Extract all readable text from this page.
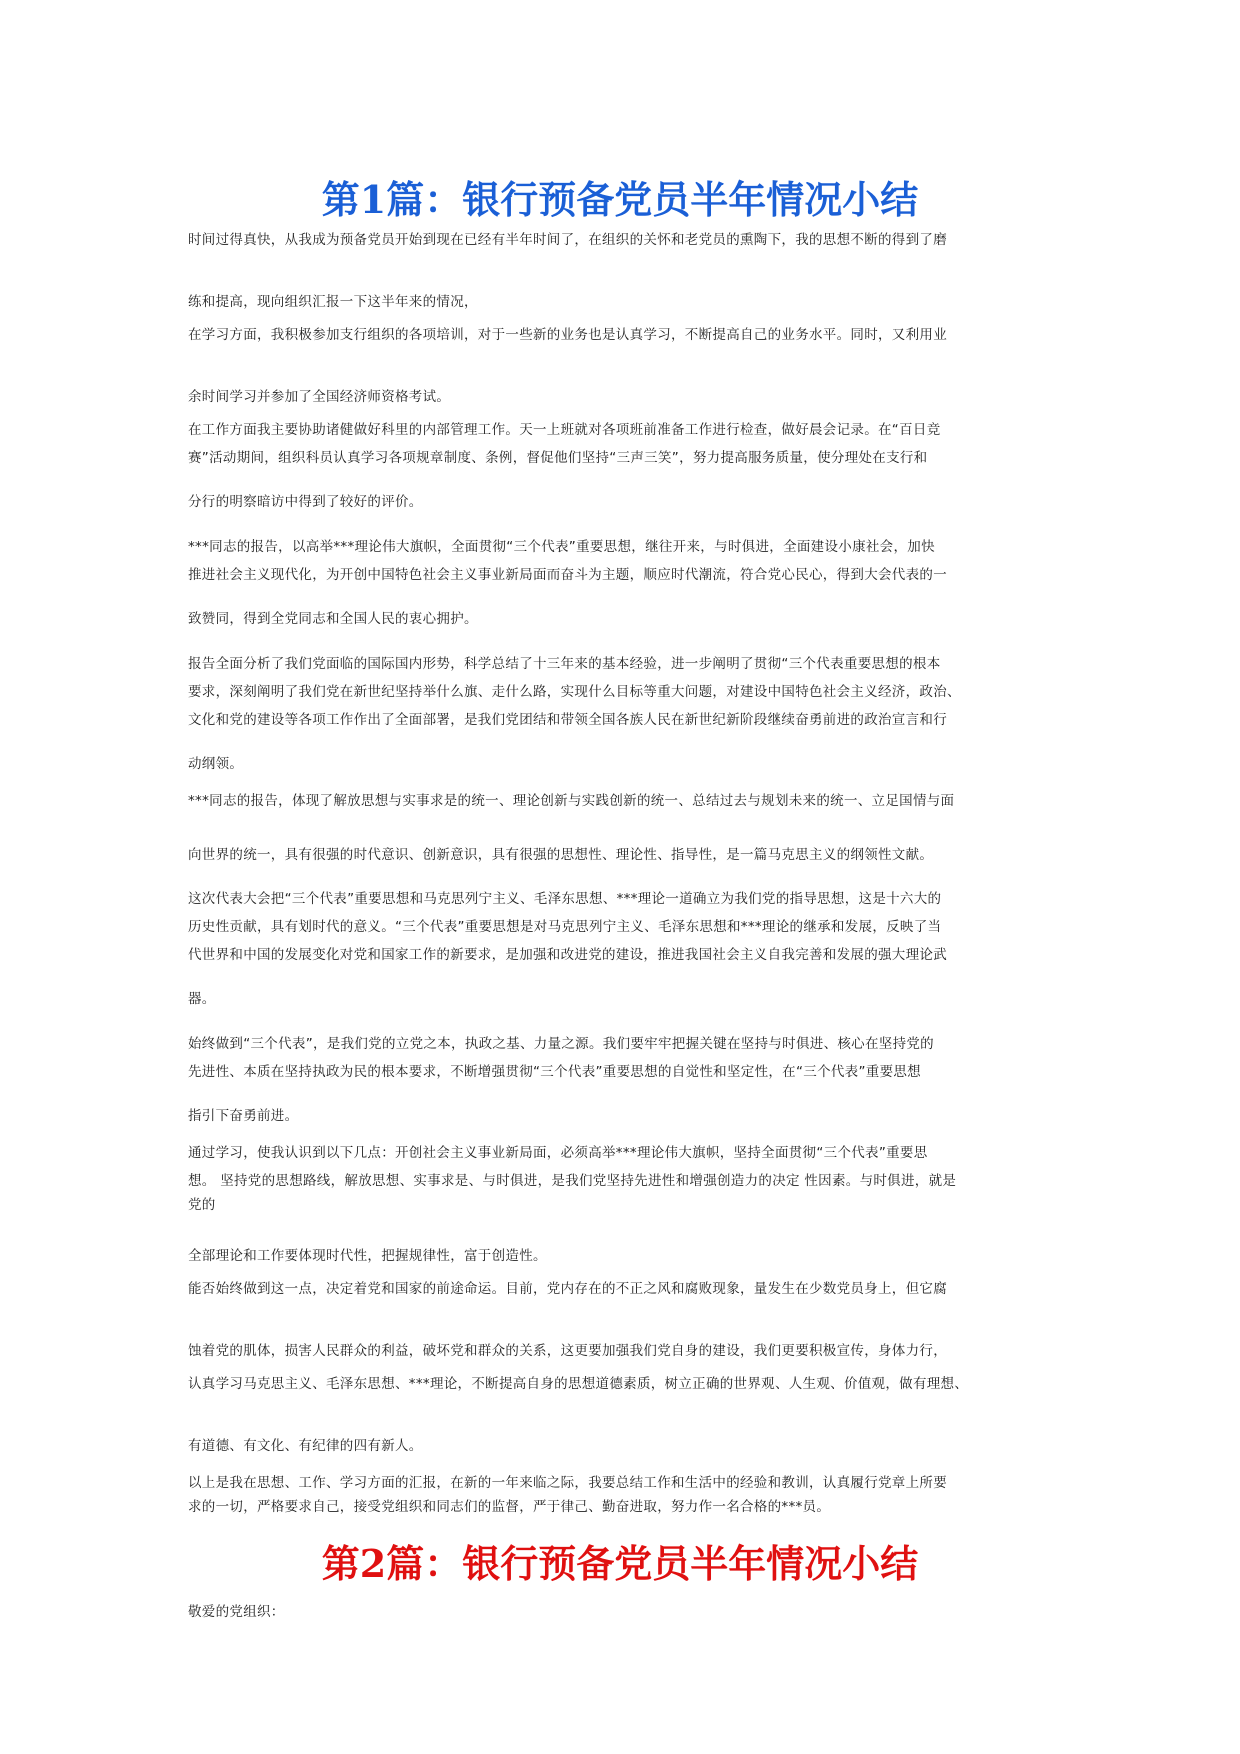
第1篇：银行预备党员半年情况小结
时间过得真快，从我成为预备党员开始到现在已经有半年时间了，在组织的关怀和老党员的熏陶下，我的思想不断的得到了磨
练和提高，现向组织汇报一下这半年来的情况，
在学习方面，我积极参加支行组织的各项培训，对于一些新的业务也是认真学习，不断提高自己的业务水平。同时，又利用业
余时间学习并参加了全国经济师资格考试。
在工作方面我主要协助诸健做好科里的内部管理工作。天一上班就对各项班前准备工作进行检查，做好晨会记录。在“百日竞
赛”活动期间，组织科员认真学习各项规章制度、条例，督促他们坚持“三声三笑”，努力提高服务质量，使分理处在支行和
分行的明察暗访中得到了较好的评价。
***同志的报告，以高举***理论伟大旗帜，全面贯彻“三个代表”重要思想，继往开来，与时俱进，全面建设小康社会，加快
推进社会主义现代化，为开创中国特色社会主义事业新局面而奋斗为主题，顺应时代潮流，符合党心民心，得到大会代表的一
致赞同，得到全党同志和全国人民的衷心拥护。
报告全面分析了我们党面临的国际国内形势，科学总结了十三年来的基本经验，进一步阐明了贯彻“三个代表重要思想的根本
要求，深刻阐明了我们党在新世纪坚持举什么旗、走什么路，实现什么目标等重大问题，对建设中国特色社会主义经济，政治、
文化和党的建设等各项工作作出了全面部署，是我们党团结和带领全国各族人民在新世纪新阶段继续奋勇前进的政治宣言和行
动纲领。
***同志的报告，体现了解放思想与实事求是的统一、理论创新与实践创新的统一、总结过去与规划未来的统一、立足国情与面
向世界的统一，具有很强的时代意识、创新意识，具有很强的思想性、理论性、指导性，是一篇马克思主义的纲领性文献。
这次代表大会把“三个代表”重要思想和马克思列宁主义、毛泽东思想、***理论一道确立为我们党的指导思想，这是十六大的
历史性贡献，具有划时代的意义。“三个代表”重要思想是对马克思列宁主义、毛泽东思想和***理论的继承和发展，反映了当
代世界和中国的发展变化对党和国家工作的新要求，是加强和改进党的建设，推进我国社会主义自我完善和发展的强大理论武
器。
始终做到“三个代表”，是我们党的立党之本，执政之基、力量之源。我们要牢牢把握关键在坚持与时俱进、核心在坚持党的
先进性、本质在坚持执政为民的根本要求，不断增强贯彻“三个代表”重要思想的自觉性和坚定性，在“三个代表”重要思想
指引下奋勇前进。
通过学习，使我认识到以下几点：开创社会主义事业新局面，必须高举***理论伟大旗帜，坚持全面贯彻“三个代表”重要思
想。 坚持党的思想路线，解放思想、实事求是、与时俱进，是我们党坚持先进性和增强创造力的决定 性因素。与时俱进，就是
党的
全部理论和工作要体现时代性，把握规律性，富于创造性。
能否始终做到这一点，决定着党和国家的前途命运。目前，党内存在的不正之风和腐败现象，量发生在少数党员身上，但它腐
蚀着党的肌体，损害人民群众的利益，破坏党和群众的关系，这更要加强我们党自身的建设，我们更要积极宣传，身体力行，
认真学习马克思主义、毛泽东思想、***理论，不断提高自身的思想道德素质，树立正确的世界观、人生观、价值观，做有理想、
有道德、有文化、有纪律的四有新人。
以上是我在思想、工作、学习方面的汇报，在新的一年来临之际，我要总结工作和生活中的经验和教训，认真履行党章上所要
求的一切，严格要求自己，接受党组织和同志们的监督，严于律己、勤奋进取，努力作一名合格的***员。
第2篇：银行预备党员半年情况小结
敬爱的党组织：
